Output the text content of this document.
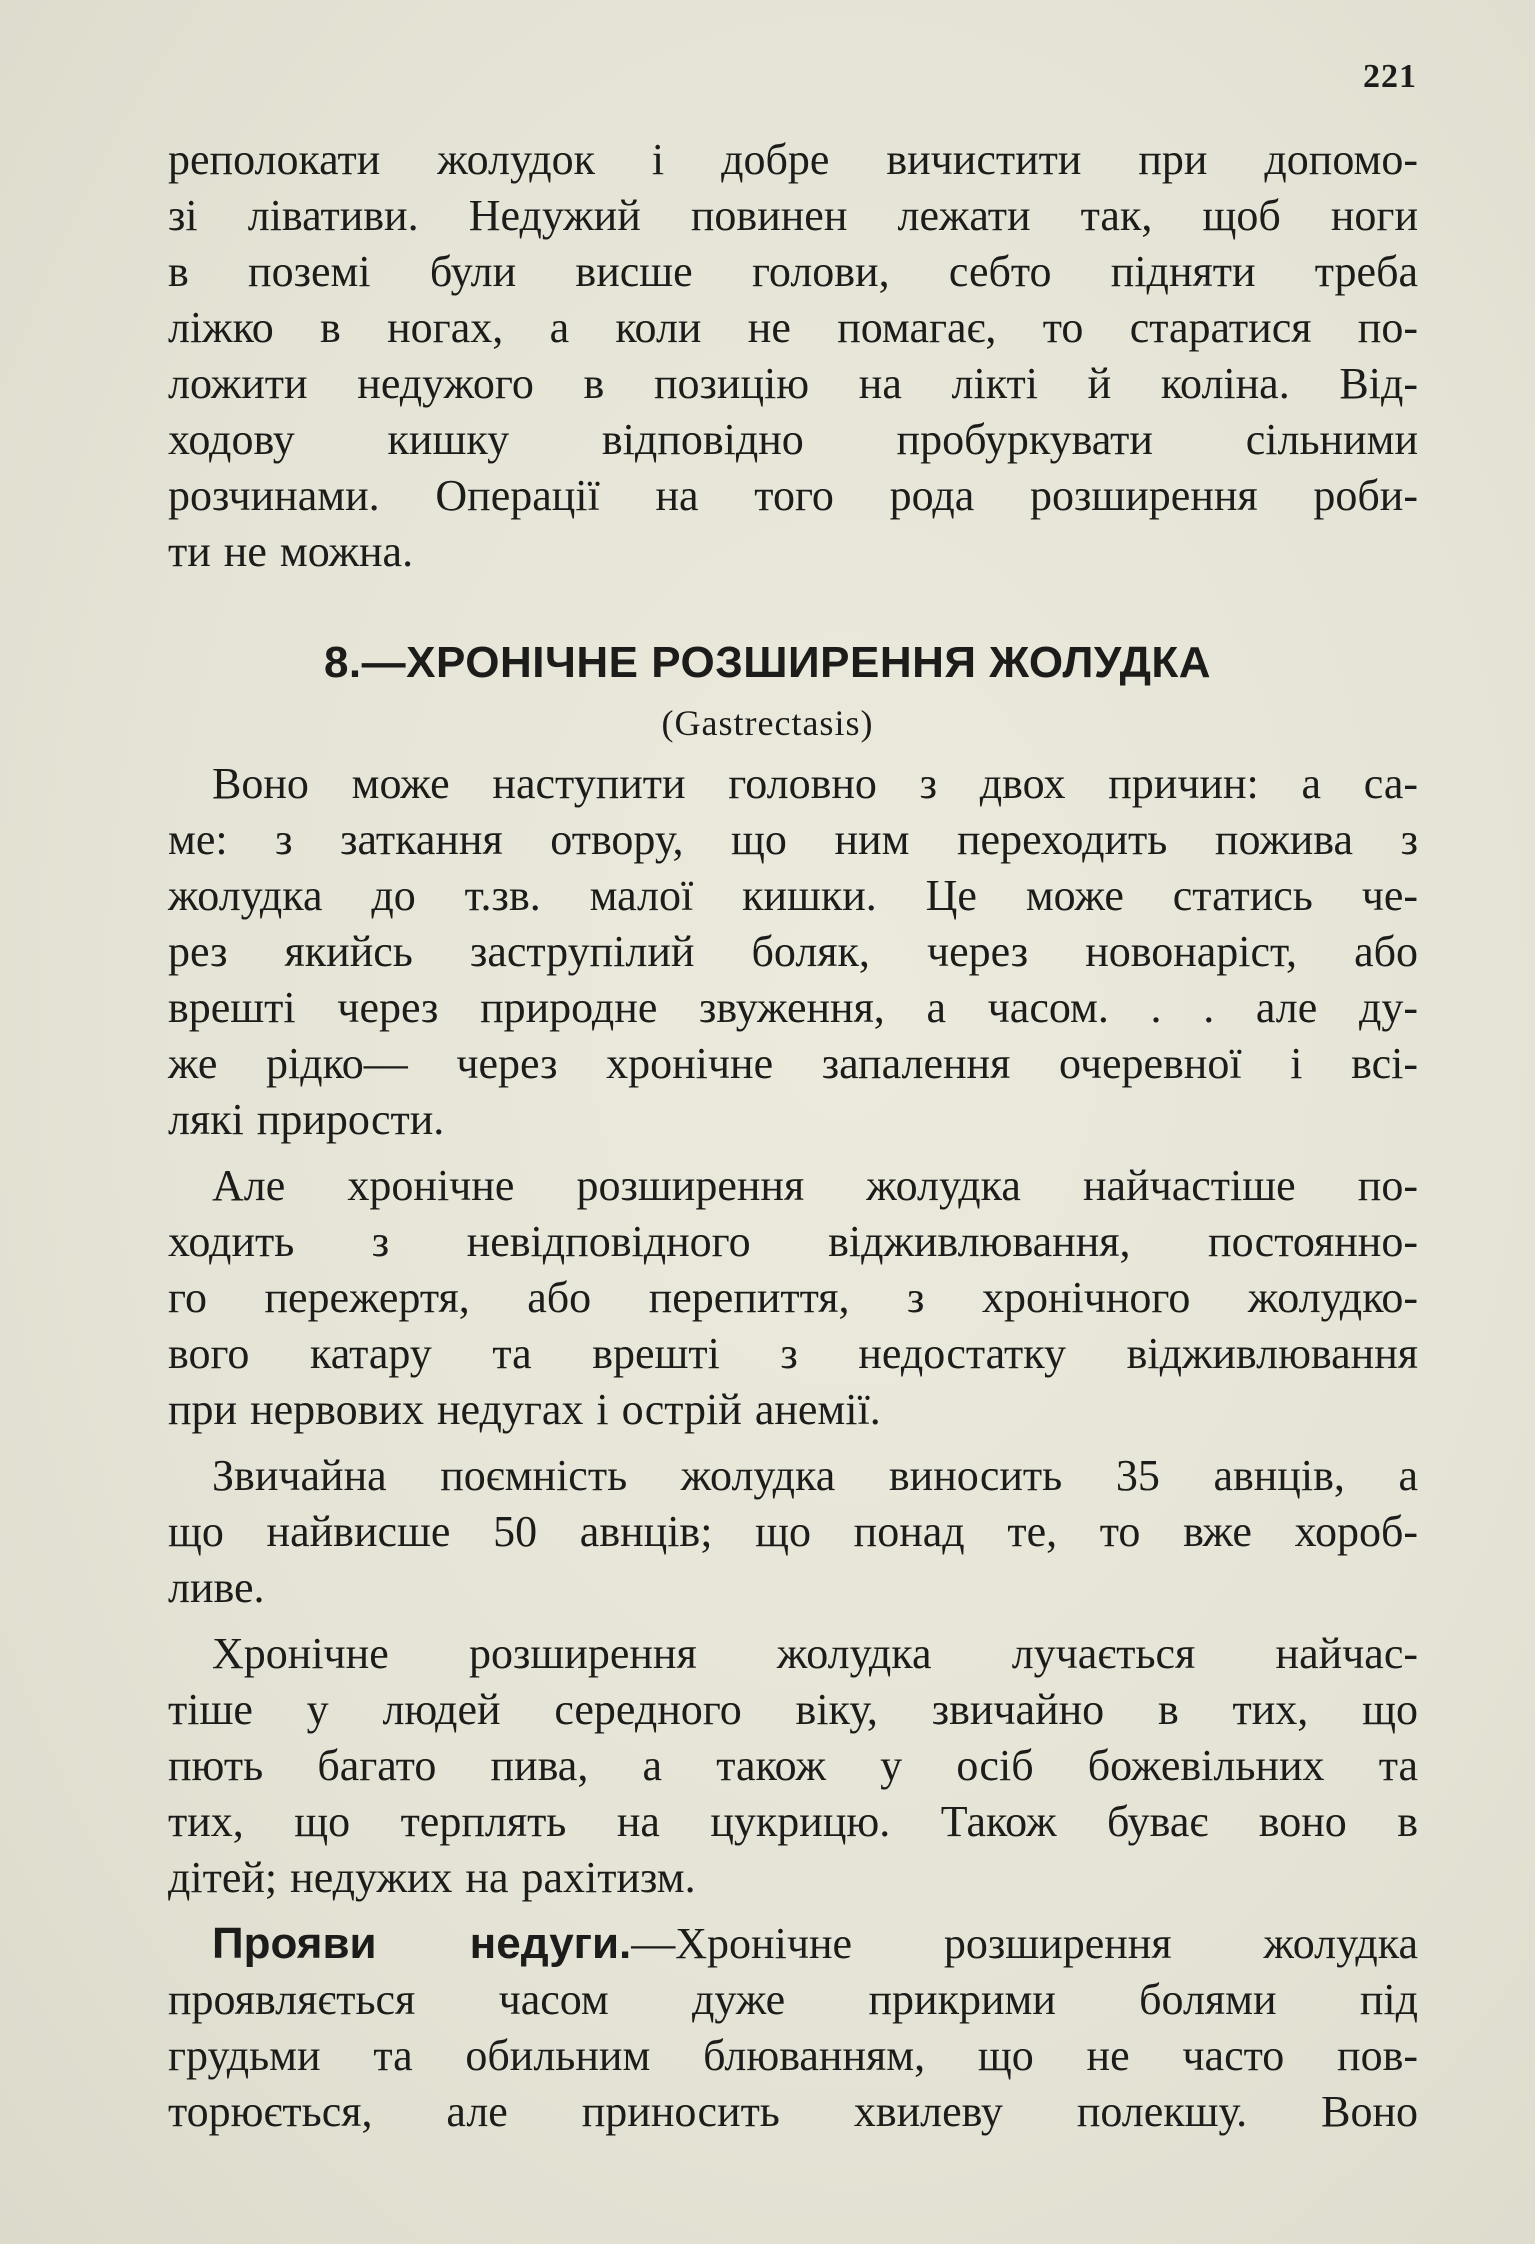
221
реполокати жолудок і добре вичистити при допомо-
зі лівативи. Недужий повинен лежати так, щоб ноги
в поземі були висше голови, себто підняти треба
ліжко в ногах, а коли не помагає, то старатися по-
ложити недужого в позицію на лікті й коліна. Від-
ходову кишку відповідно пробуркувати сільними
розчинами. Операції на того рода розширення роби-
ти не можна.
8.—ХРОНІЧНЕ РОЗШИРЕННЯ ЖОЛУДКА
(Gastrectasis)
Воно може наступити головно з двох причин: а са-
ме: з заткання отвору, що ним переходить пожива з
жолудка до т.зв. малої кишки. Це може статись че-
рез якийсь заструпілий боляк, через новонаріст, або
врешті через природне звуження, а часом. . . але ду-
же рідко— через хронічне запалення очеревної і всі-
лякі прирости.
Але хронічне розширення жолудка найчастіше по-
ходить з невідповідного відживлювання, постоянно-
го пережертя, або перепиття, з хронічного жолудко-
вого катару та врешті з недостатку відживлювання
при нервових недугах і острій анемії.
Звичайна поємність жолудка виносить 35 авнців, а
що найвисше 50 авнців; що понад те, то вже хороб-
ливе.
Хронічне розширення жолудка лучається найчас-
тіше у людей середного віку, звичайно в тих, що
пють багато пива, а також у осіб божевільних та
тих, що терплять на цукрицю. Також буває воно в
дітей; недужих на рахітизм.
Прояви недуги.—Хронічне розширення жолудка
проявляється часом дуже прикрими болями під
грудьми та обильним блюванням, що не часто пов-
торюється, але приносить хвилеву полекшу. Воно
